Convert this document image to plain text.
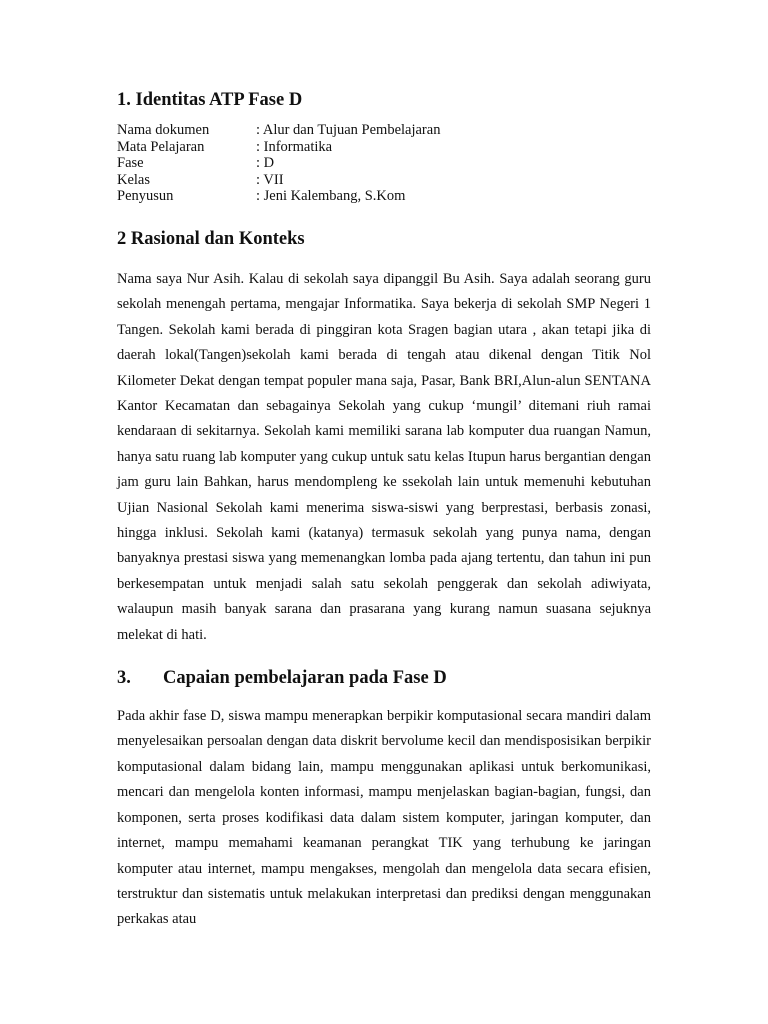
1. Identitas ATP Fase D
Nama dokumen	: Alur dan Tujuan Pembelajaran
Mata Pelajaran	: Informatika
Fase	: D
Kelas	: VII
Penyusun	: Jeni Kalembang, S.Kom
2 Rasional dan Konteks

Nama saya Nur Asih. Kalau di sekolah saya dipanggil Bu Asih. Saya adalah seorang guru sekolah menengah pertama, mengajar Informatika. Saya bekerja di sekolah SMP Negeri 1 Tangen. Sekolah kami berada di pinggiran kota Sragen bagian utara , akan tetapi jika di daerah lokal(Tangen)sekolah kami berada di tengah atau dikenal dengan Titik Nol Kilometer Dekat dengan tempat populer mana saja, Pasar, Bank BRI,Alun-alun SENTANA Kantor Kecamatan dan sebagainya Sekolah yang cukup ‘mungil’ ditemani riuh ramai kendaraan di sekitarnya. Sekolah kami memiliki sarana lab komputer dua ruangan Namun, hanya satu ruang lab komputer yang cukup untuk satu kelas Itupun harus bergantian dengan jam guru lain Bahkan, harus mendompleng ke ssekolah lain untuk memenuhi kebutuhan Ujian Nasional Sekolah kami menerima siswa-siswi yang berprestasi, berbasis zonasi, hingga inklusi. Sekolah kami (katanya) termasuk sekolah yang punya nama, dengan banyaknya prestasi siswa yang memenangkan lomba pada ajang tertentu, dan tahun ini pun berkesempatan untuk menjadi salah satu sekolah penggerak dan sekolah adiwiyata, walaupun masih banyak sarana dan prasarana yang kurang namun suasana sejuknya melekat di hati.

3.	Capaian pembelajaran pada Fase D

Pada akhir fase D, siswa mampu menerapkan berpikir komputasional secara mandiri dalam menyelesaikan persoalan dengan data diskrit bervolume kecil dan mendisposisikan berpikir komputasional dalam bidang lain, mampu menggunakan aplikasi untuk berkomunikasi, mencari dan mengelola konten informasi, mampu menjelaskan bagian-bagian, fungsi, dan komponen, serta proses kodifikasi data dalam sistem komputer, jaringan komputer, dan internet, mampu memahami keamanan perangkat TIK yang terhubung ke jaringan komputer atau internet, mampu mengakses, mengolah dan mengelola data secara efisien, terstruktur dan sistematis untuk melakukan interpretasi dan prediksi dengan menggunakan perkakas atau
